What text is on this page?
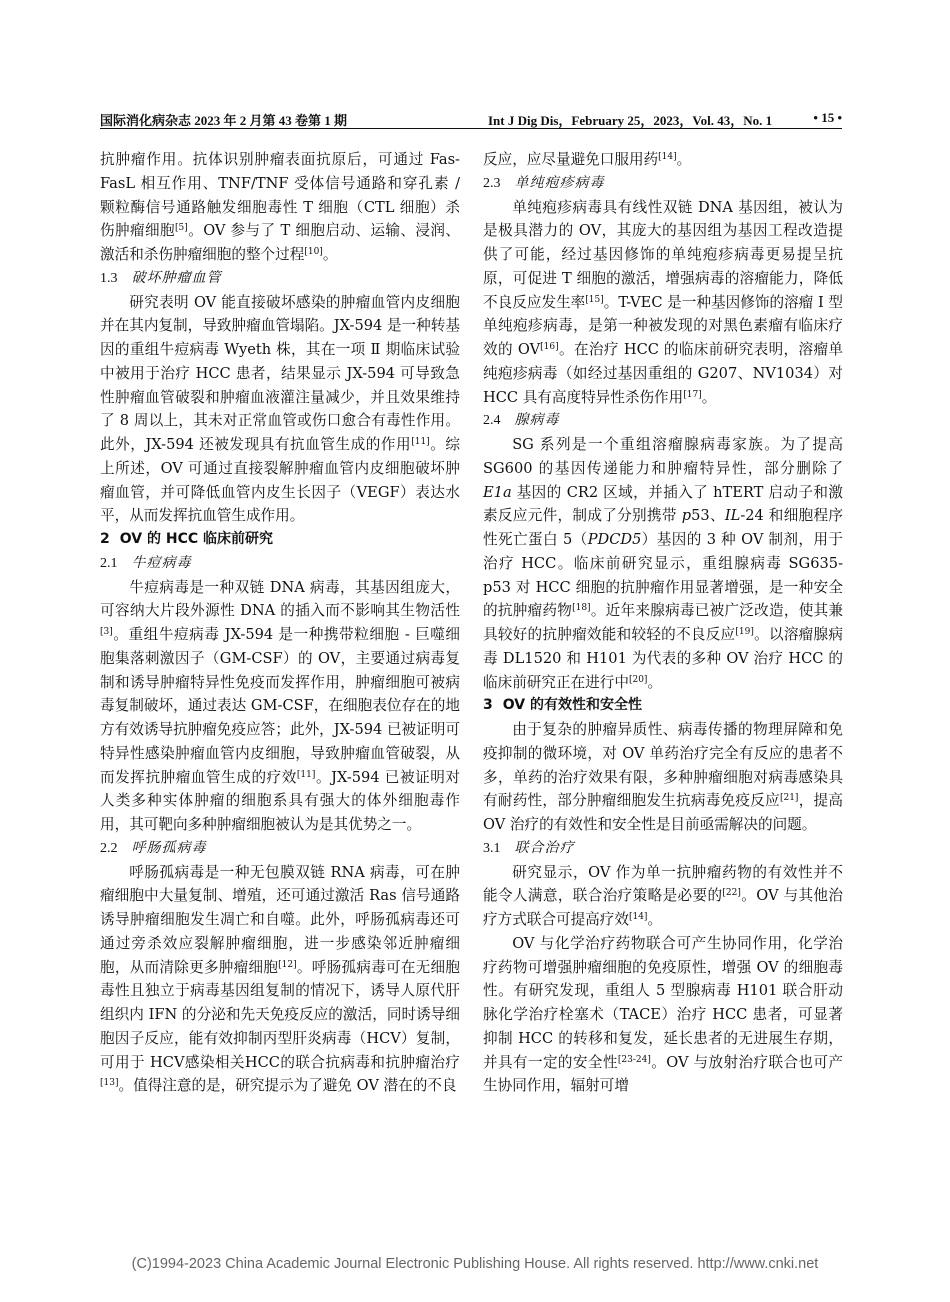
国际消化病杂志 2023 年 2 月第 43 卷第 1 期	Int J Dig Dis，February 25，2023，Vol. 43，No. 1	• 15 •

抗肿瘤作用。抗体识别肿瘤表面抗原后，可通过 Fas-FasL 相互作用、TNF/TNF 受体信号通路和穿孔素 / 颗粒酶信号通路触发细胞毒性 T 细胞（CTL 细胞）杀伤肿瘤细胞[5]。OV 参与了 T 细胞启动、运输、浸润、激活和杀伤肿瘤细胞的整个过程[10]。

1.3 破坏肿瘤血管

研究表明 OV 能直接破坏感染的肿瘤血管内皮细胞并在其内复制，导致肿瘤血管塌陷。JX-594 是一种转基因的重组牛痘病毒 Wyeth 株，其在一项 Ⅱ 期临床试验中被用于治疗 HCC 患者，结果显示 JX-594 可导致急性肿瘤血管破裂和肿瘤血液灌注量减少，并且效果维持了 8 周以上，其未对正常血管或伤口愈合有毒性作用。此外，JX-594 还被发现具有抗血管生成的作用[11]。综上所述，OV 可通过直接裂解肿瘤血管内皮细胞破坏肿瘤血管，并可降低血管内皮生长因子（VEGF）表达水平，从而发挥抗血管生成作用。

2 OV 的 HCC 临床前研究

2.1 牛痘病毒

牛痘病毒是一种双链 DNA 病毒，其基因组庞大，可容纳大片段外源性 DNA 的插入而不影响其生物活性[3]。重组牛痘病毒 JX-594 是一种携带粒细胞 - 巨噬细胞集落刺激因子（GM-CSF）的 OV，主要通过病毒复制和诱导肿瘤特异性免疫而发挥作用，肿瘤细胞可被病毒复制破坏，通过表达 GM-CSF，在细胞表位存在的地方有效诱导抗肿瘤免疫应答；此外，JX-594 已被证明可特异性感染肿瘤血管内皮细胞，导致肿瘤血管破裂，从而发挥抗肿瘤血管生成的疗效[11]。JX-594 已被证明对人类多种实体肿瘤的细胞系具有强大的体外细胞毒作用，其可靶向多种肿瘤细胞被认为是其优势之一。

2.2 呼肠孤病毒

呼肠孤病毒是一种无包膜双链 RNA 病毒，可在肿瘤细胞中大量复制、增殖，还可通过激活 Ras 信号通路诱导肿瘤细胞发生凋亡和自噬。此外，呼肠孤病毒还可通过旁杀效应裂解肿瘤细胞，进一步感染邻近肿瘤细胞，从而清除更多肿瘤细胞[12]。呼肠孤病毒可在无细胞毒性且独立于病毒基因组复制的情况下，诱导人原代肝组织内 IFN 的分泌和先天免疫反应的激活，同时诱导细胞因子反应，能有效抑制丙型肝炎病毒（HCV）复制，可用于 HCV感染相关HCC的联合抗病毒和抗肿瘤治疗[13]。值得注意的是，研究提示为了避免 OV 潜在的不良

反应，应尽量避免口服用药[14]。

2.3 单纯疱疹病毒

单纯疱疹病毒具有线性双链 DNA 基因组，被认为是极具潜力的 OV，其庞大的基因组为基因工程改造提供了可能，经过基因修饰的单纯疱疹病毒更易提呈抗原，可促进 T 细胞的激活，增强病毒的溶瘤能力，降低不良反应发生率[15]。T-VEC 是一种基因修饰的溶瘤 Ⅰ 型单纯疱疹病毒，是第一种被发现的对黑色素瘤有临床疗效的 OV[16]。在治疗 HCC 的临床前研究表明，溶瘤单纯疱疹病毒（如经过基因重组的 G207、NV1034）对 HCC 具有高度特异性杀伤作用[17]。

2.4 腺病毒

SG 系列是一个重组溶瘤腺病毒家族。为了提高 SG600 的基因传递能力和肿瘤特异性，部分删除了 E1a 基因的 CR2 区域，并插入了 hTERT 启动子和激素反应元件，制成了分别携带 p53、IL-24 和细胞程序性死亡蛋白 5（PDCD5）基因的 3 种 OV 制剂，用于治疗 HCC。临床前研究显示，重组腺病毒 SG635-p53 对 HCC 细胞的抗肿瘤作用显著增强，是一种安全的抗肿瘤药物[18]。近年来腺病毒已被广泛改造，使其兼具较好的抗肿瘤效能和较轻的不良反应[19]。以溶瘤腺病毒 DL1520 和 H101 为代表的多种 OV 治疗 HCC 的临床前研究正在进行中[20]。

3 OV 的有效性和安全性

由于复杂的肿瘤异质性、病毒传播的物理屏障和免疫抑制的微环境，对 OV 单药治疗完全有反应的患者不多，单药的治疗效果有限，多种肿瘤细胞对病毒感染具有耐药性，部分肿瘤细胞发生抗病毒免疫反应[21]，提高 OV 治疗的有效性和安全性是目前亟需解决的问题。

3.1 联合治疗

研究显示，OV 作为单一抗肿瘤药物的有效性并不能令人满意，联合治疗策略是必要的[22]。OV 与其他治疗方式联合可提高疗效[14]。

OV 与化学治疗药物联合可产生协同作用，化学治疗药物可增强肿瘤细胞的免疫原性，增强 OV 的细胞毒性。有研究发现，重组人 5 型腺病毒 H101 联合肝动脉化学治疗栓塞术（TACE）治疗 HCC 患者，可显著抑制 HCC 的转移和复发，延长患者的无进展生存期，并具有一定的安全性[23-24]。OV 与放射治疗联合也可产生协同作用，辐射可增

(C)1994-2023 China Academic Journal Electronic Publishing House. All rights reserved. http://www.cnki.net
